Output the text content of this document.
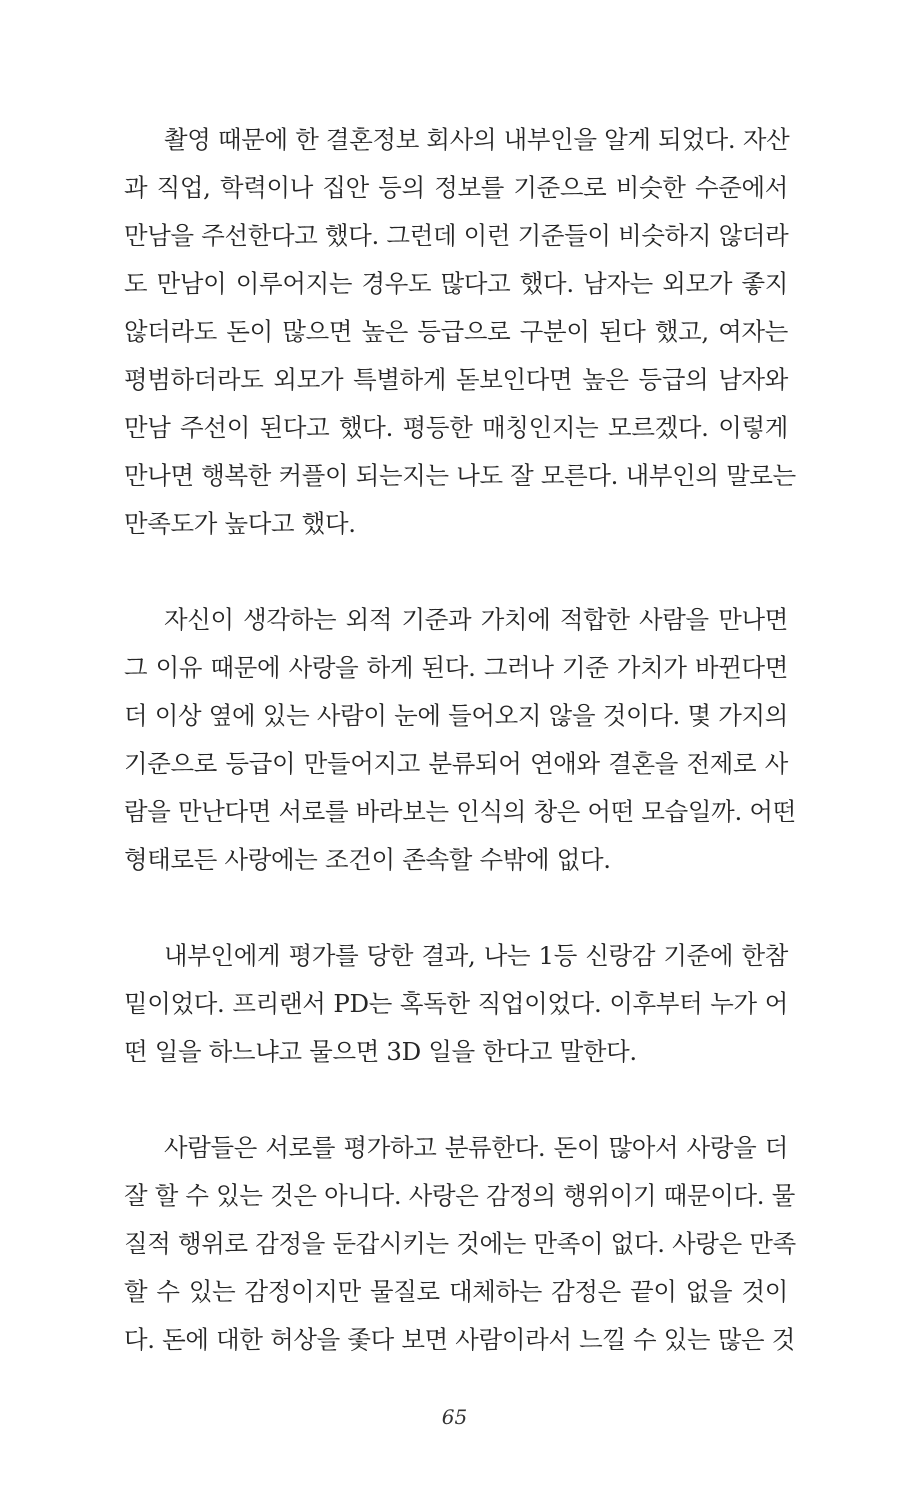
촬영 때문에 한 결혼정보 회사의 내부인을 알게 되었다. 자산
과 직업, 학력이나 집안 등의 정보를 기준으로 비슷한 수준에서
만남을 주선한다고 했다. 그런데 이런 기준들이 비슷하지 않더라
도 만남이 이루어지는 경우도 많다고 했다. 남자는 외모가 좋지
않더라도 돈이 많으면 높은 등급으로 구분이 된다 했고, 여자는
평범하더라도 외모가 특별하게 돋보인다면 높은 등급의 남자와
만남 주선이 된다고 했다. 평등한 매칭인지는 모르겠다. 이렇게
만나면 행복한 커플이 되는지는 나도 잘 모른다. 내부인의 말로는
만족도가 높다고 했다.
자신이 생각하는 외적 기준과 가치에 적합한 사람을 만나면
그 이유 때문에 사랑을 하게 된다. 그러나 기준 가치가 바뀐다면
더 이상 옆에 있는 사람이 눈에 들어오지 않을 것이다. 몇 가지의
기준으로 등급이 만들어지고 분류되어 연애와 결혼을 전제로 사
람을 만난다면 서로를 바라보는 인식의 창은 어떤 모습일까. 어떤
형태로든 사랑에는 조건이 존속할 수밖에 없다.
내부인에게 평가를 당한 결과, 나는 1등 신랑감 기준에 한참
밑이었다. 프리랜서 PD는 혹독한 직업이었다. 이후부터 누가 어
떤 일을 하느냐고 물으면 3D 일을 한다고 말한다.
사람들은 서로를 평가하고 분류한다. 돈이 많아서 사랑을 더
잘 할 수 있는 것은 아니다. 사랑은 감정의 행위이기 때문이다. 물
질적 행위로 감정을 둔갑시키는 것에는 만족이 없다. 사랑은 만족
할 수 있는 감정이지만 물질로 대체하는 감정은 끝이 없을 것이
다. 돈에 대한 허상을 좇다 보면 사람이라서 느낄 수 있는 많은 것
65
